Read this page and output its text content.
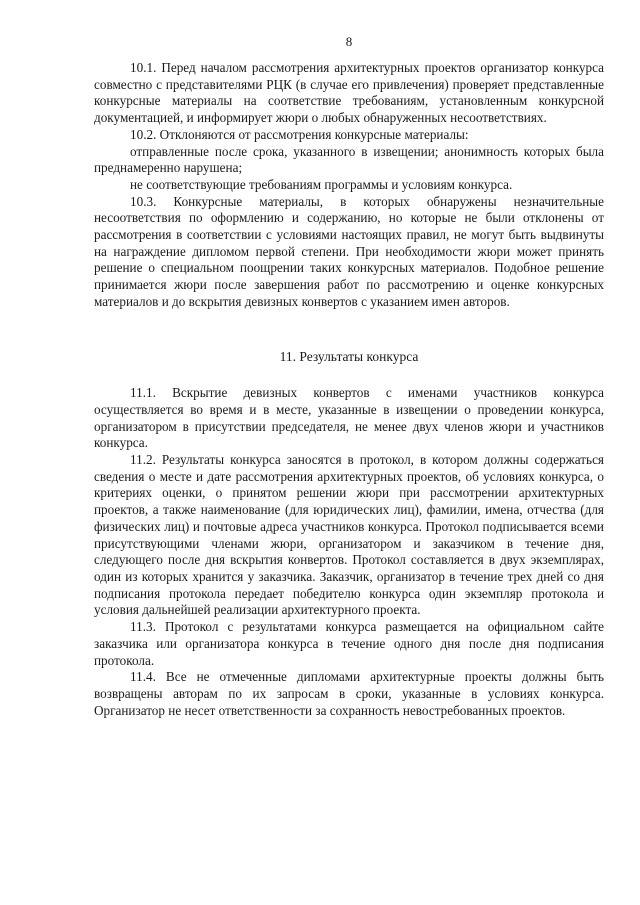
8

10.1. Перед началом рассмотрения архитектурных проектов организатор конкурса совместно с представителями РЦК (в случае его привлечения) проверяет представленные конкурсные материалы на соответствие требованиям, установленным конкурсной документацией, и информирует жюри о любых обнаруженных несоответствиях.

10.2. Отклоняются от рассмотрения конкурсные материалы:

отправленные после срока, указанного в извещении; анонимность которых была преднамеренно нарушена;

не соответствующие требованиям программы и условиям конкурса.

10.3. Конкурсные материалы, в которых обнаружены незначительные несоответствия по оформлению и содержанию, но которые не были отклонены от рассмотрения в соответствии с условиями настоящих правил, не могут быть выдвинуты на награждение дипломом первой степени. При необходимости жюри может принять решение о специальном поощрении таких конкурсных материалов. Подобное решение принимается жюри после завершения работ по рассмотрению и оценке конкурсных материалов и до вскрытия девизных конвертов с указанием имен авторов.

11. Результаты конкурса

11.1. Вскрытие девизных конвертов с именами участников конкурса осуществляется во время и в месте, указанные в извещении о проведении конкурса, организатором в присутствии председателя, не менее двух членов жюри и участников конкурса.

11.2. Результаты конкурса заносятся в протокол, в котором должны содержаться сведения о месте и дате рассмотрения архитектурных проектов, об условиях конкурса, о критериях оценки, о принятом решении жюри при рассмотрении архитектурных проектов, а также наименование (для юридических лиц), фамилии, имена, отчества (для физических лиц) и почтовые адреса участников конкурса. Протокол подписывается всеми присутствующими членами жюри, организатором и заказчиком в течение дня, следующего после дня вскрытия конвертов. Протокол составляется в двух экземплярах, один из которых хранится у заказчика. Заказчик, организатор в течение трех дней со дня подписания протокола передает победителю конкурса один экземпляр протокола и условия дальнейшей реализации архитектурного проекта.

11.3. Протокол с результатами конкурса размещается на официальном сайте заказчика или организатора конкурса в течение одного дня после дня подписания протокола.

11.4. Все не отмеченные дипломами архитектурные проекты должны быть возвращены авторам по их запросам в сроки, указанные в условиях конкурса. Организатор не несет ответственности за сохранность невостребованных проектов.
